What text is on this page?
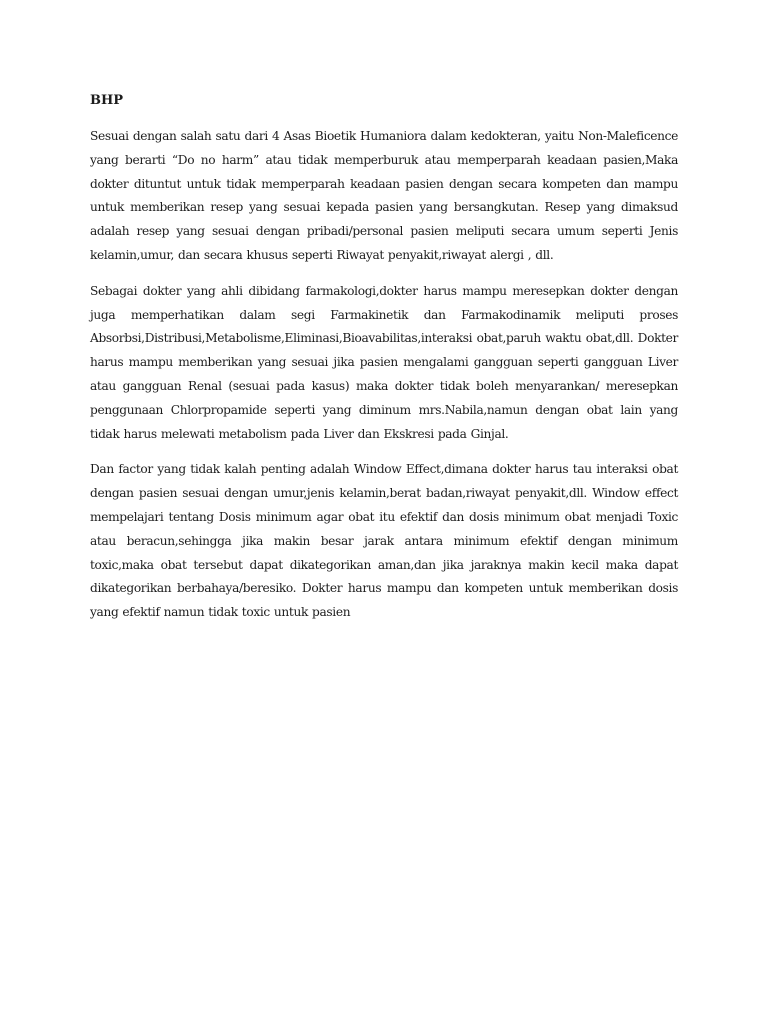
BHP

Sesuai dengan salah satu dari 4 Asas Bioetik Humaniora dalam kedokteran, yaitu Non-Maleficence yang berarti “Do no harm” atau tidak memperburuk atau memperparah keadaan pasien,Maka dokter dituntut untuk tidak memperparah keadaan pasien dengan secara kompeten dan mampu untuk memberikan resep yang sesuai kepada pasien yang bersangkutan. Resep yang dimaksud adalah resep yang sesuai dengan pribadi/personal pasien meliputi secara umum seperti Jenis kelamin,umur, dan secara khusus seperti Riwayat penyakit,riwayat alergi , dll.

Sebagai dokter yang ahli dibidang farmakologi,dokter harus mampu meresepkan dokter dengan juga memperhatikan dalam segi Farmakinetik dan Farmakodinamik meliputi proses Absorbsi,Distribusi,Metabolisme,Eliminasi,Bioavabilitas,interaksi obat,paruh waktu obat,dll. Dokter harus mampu memberikan yang sesuai jika pasien mengalami gangguan seperti gangguan Liver atau gangguan Renal (sesuai pada kasus) maka dokter tidak boleh menyarankan/ meresepkan penggunaan Chlorpropamide seperti yang diminum mrs.Nabila,namun dengan obat lain yang tidak harus melewati metabolism pada Liver dan Ekskresi pada Ginjal.

Dan factor yang tidak kalah penting adalah Window Effect,dimana dokter harus tau interaksi obat dengan pasien sesuai dengan umur,jenis kelamin,berat badan,riwayat penyakit,dll. Window effect mempelajari tentang Dosis minimum agar obat itu efektif dan dosis minimum obat menjadi Toxic atau beracun,sehingga jika makin besar jarak antara minimum efektif dengan minimum toxic,maka obat tersebut dapat dikategorikan aman,dan jika jaraknya makin kecil maka dapat dikategorikan berbahaya/beresiko. Dokter harus mampu dan kompeten untuk memberikan dosis yang efektif namun tidak toxic untuk pasien
